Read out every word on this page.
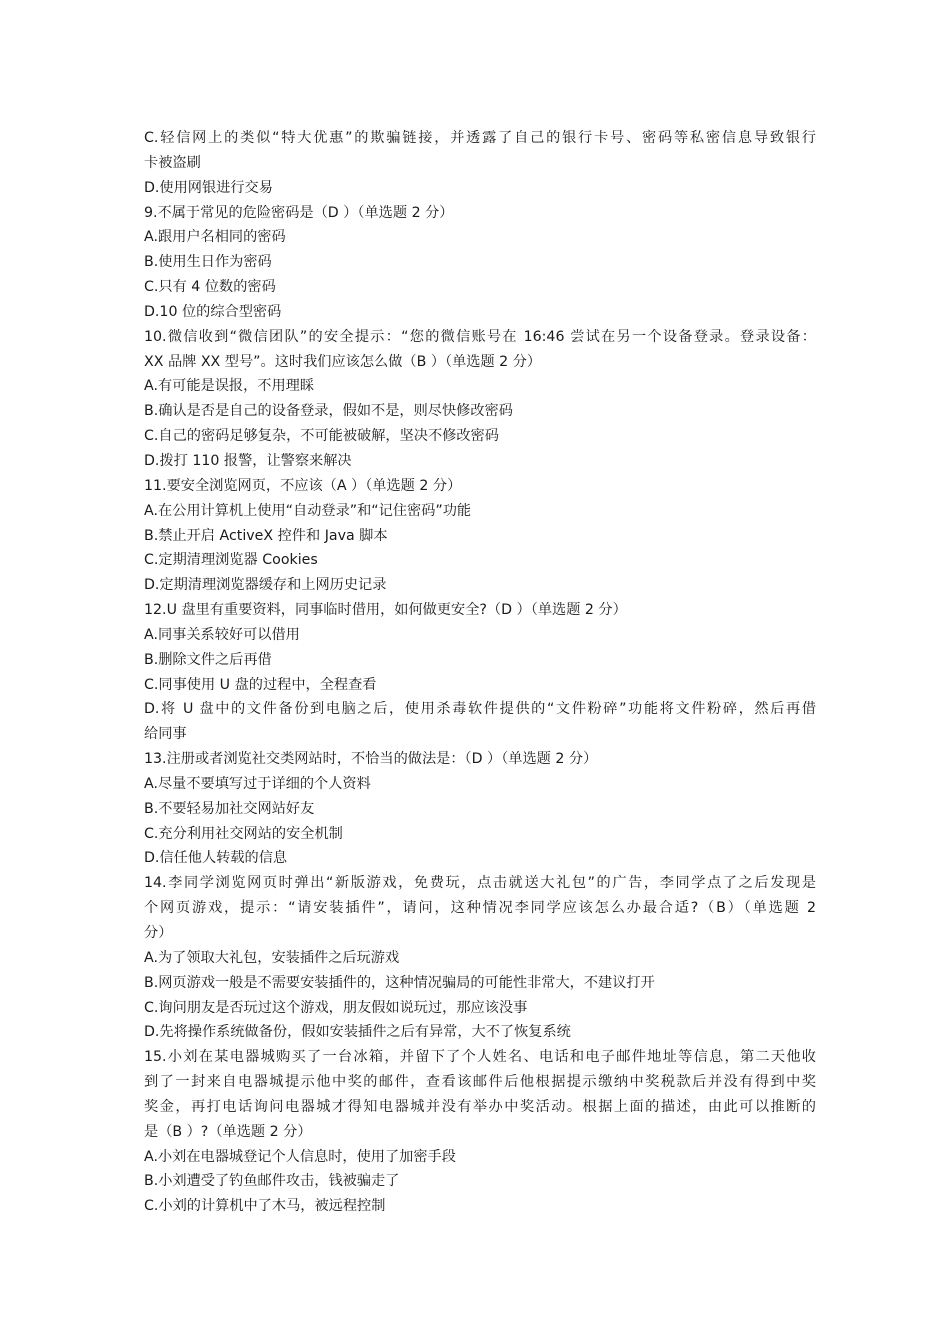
C.轻信网上的类似“特大优惠”的欺骗链接，并透露了自己的银行卡号、密码等私密信息导致银行
卡被盗刷
D.使用网银进行交易
9.不属于常见的危险密码是（D ）（单选题 2 分）
A.跟用户名相同的密码
B.使用生日作为密码
C.只有 4 位数的密码
D.10 位的综合型密码
10.微信收到“微信团队”的安全提示：“您的微信账号在 16:46 尝试在另一个设备登录。登录设备：
XX 品牌 XX 型号”。这时我们应该怎么做（B ）（单选题 2 分）
A.有可能是误报，不用理睬
B.确认是否是自己的设备登录，假如不是，则尽快修改密码
C.自己的密码足够复杂，不可能被破解，坚决不修改密码
D.拨打 110 报警，让警察来解决
11.要安全浏览网页，不应该（A ）（单选题 2 分）
A.在公用计算机上使用“自动登录”和“记住密码”功能
B.禁止开启 ActiveX 控件和 Java 脚本
C.定期清理浏览器 Cookies
D.定期清理浏览器缓存和上网历史记录
12.U 盘里有重要资料，同事临时借用，如何做更安全?（D ）（单选题 2 分）
A.同事关系较好可以借用
B.删除文件之后再借
C.同事使用 U 盘的过程中，全程查看
D.将 U 盘中的文件备份到电脑之后，使用杀毒软件提供的“文件粉碎”功能将文件粉碎，然后再借
给同事
13.注册或者浏览社交类网站时，不恰当的做法是：（D ）（单选题 2 分）
A.尽量不要填写过于详细的个人资料
B.不要轻易加社交网站好友
C.充分利用社交网站的安全机制
D.信任他人转载的信息
14.李同学浏览网页时弹出“新版游戏，免费玩，点击就送大礼包”的广告，李同学点了之后发现是
个网页游戏，提示：“请安装插件”，请问，这种情况李同学应该怎么办最合适?（B）（单选题 2
分）
A.为了领取大礼包，安装插件之后玩游戏
B.网页游戏一般是不需要安装插件的，这种情况骗局的可能性非常大，不建议打开
C.询问朋友是否玩过这个游戏，朋友假如说玩过，那应该没事
D.先将操作系统做备份，假如安装插件之后有异常，大不了恢复系统
15.小刘在某电器城购买了一台冰箱，并留下了个人姓名、电话和电子邮件地址等信息，第二天他收
到了一封来自电器城提示他中奖的邮件，查看该邮件后他根据提示缴纳中奖税款后并没有得到中奖
奖金，再打电话询问电器城才得知电器城并没有举办中奖活动。根据上面的描述，由此可以推断的
是（B ）?（单选题 2 分）
A.小刘在电器城登记个人信息时，使用了加密手段
B.小刘遭受了钓鱼邮件攻击，钱被骗走了
C.小刘的计算机中了木马，被远程控制
